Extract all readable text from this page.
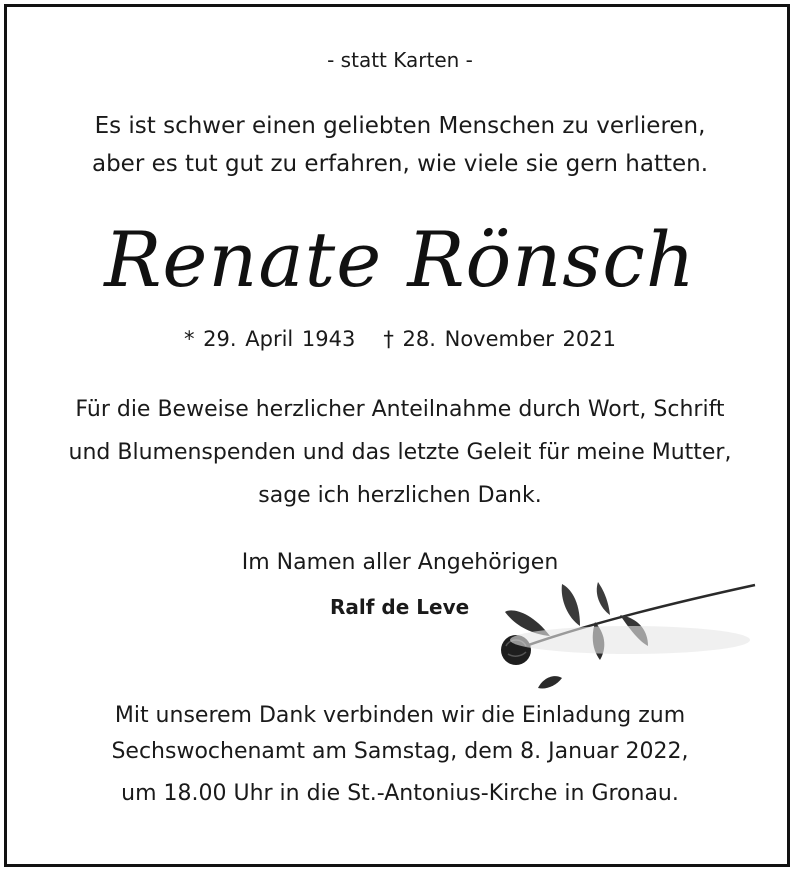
- statt Karten -
Es ist schwer einen geliebten Menschen zu verlieren,
aber es tut gut zu erfahren, wie viele sie gern hatten.
Renate Rönsch
* 29. April 1943 † 28. November 2021
Für die Beweise herzlicher Anteilnahme durch Wort, Schrift
und Blumenspenden und das letzte Geleit für meine Mutter,
sage ich herzlichen Dank.
Im Namen aller Angehörigen
Ralf de Leve
Mit unserem Dank verbinden wir die Einladung zum
Sechswochenamt am Samstag, dem 8. Januar 2022,
um 18.00 Uhr in die St.-Antonius-Kirche in Gronau.
